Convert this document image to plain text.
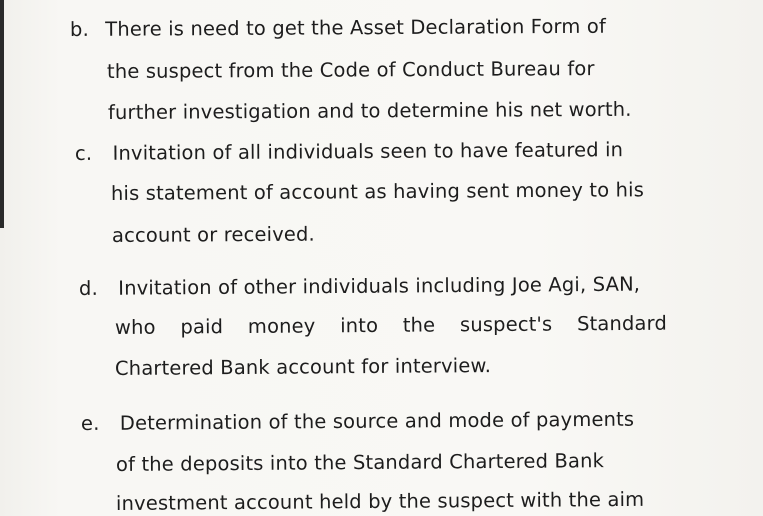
b. There is need to get the Asset Declaration Form of
the suspect from the Code of Conduct Bureau for
further investigation and to determine his net worth.
c. Invitation of all individuals seen to have featured in
his statement of account as having sent money to his
account or received.
d. Invitation of other individuals including Joe Agi, SAN,
who paid money into the suspect's Standard
Chartered Bank account for interview.
e. Determination of the source and mode of payments
of the deposits into the Standard Chartered Bank
investment account held by the suspect with the aim
